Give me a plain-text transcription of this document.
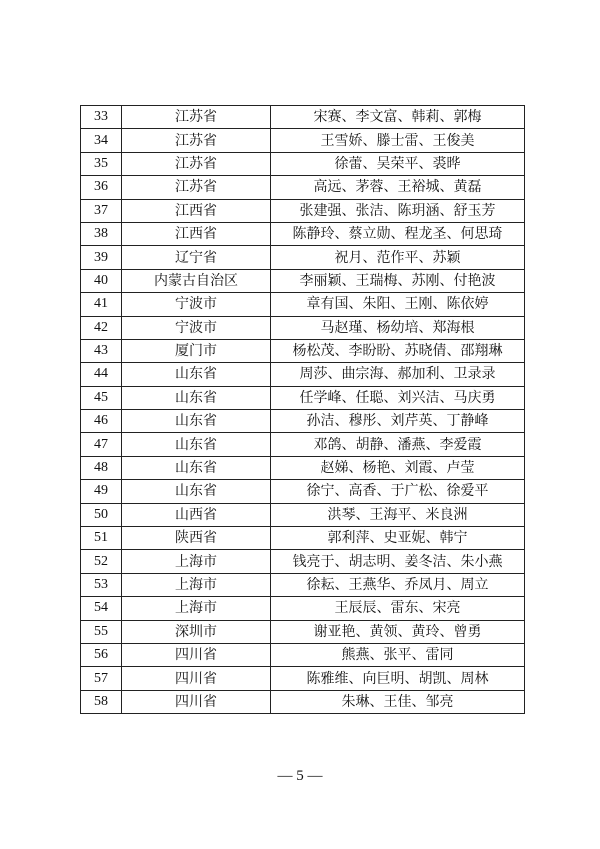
33	江苏省	宋赛、李文富、韩莉、郭梅
34	江苏省	王雪娇、滕士雷、王俊美
35	江苏省	徐蕾、吴荣平、裘晔
36	江苏省	高远、茅蓉、王裕城、黄磊
37	江西省	张建强、张洁、陈玥涵、舒玉芳
38	江西省	陈静玲、蔡立勋、程龙圣、何思琦
39	辽宁省	祝月、范作平、苏颖
40	内蒙古自治区	李丽颖、王瑞梅、苏刚、付艳波
41	宁波市	章有国、朱阳、王刚、陈依婷
42	宁波市	马赵瑾、杨幼培、郑海根
43	厦门市	杨松茂、李盼盼、苏晓倩、邵翔琳
44	山东省	周莎、曲宗海、郝加利、卫录录
45	山东省	任学峰、任聪、刘兴洁、马庆勇
46	山东省	孙洁、穆彤、刘芹英、丁静峰
47	山东省	邓鸽、胡静、潘燕、李爱霞
48	山东省	赵娣、杨艳、刘霞、卢莹
49	山东省	徐宁、高香、于广松、徐爱平
50	山西省	洪琴、王海平、米良洲
51	陕西省	郭利萍、史亚妮、韩宁
52	上海市	钱亮于、胡志明、姜冬洁、朱小燕
53	上海市	徐耘、王燕华、乔凤月、周立
54	上海市	王辰辰、雷东、宋亮
55	深圳市	谢亚艳、黄领、黄玲、曾勇
56	四川省	熊燕、张平、雷同
57	四川省	陈雅维、向巨明、胡凯、周林
58	四川省	朱琳、王佳、邹亮
— 5 —
